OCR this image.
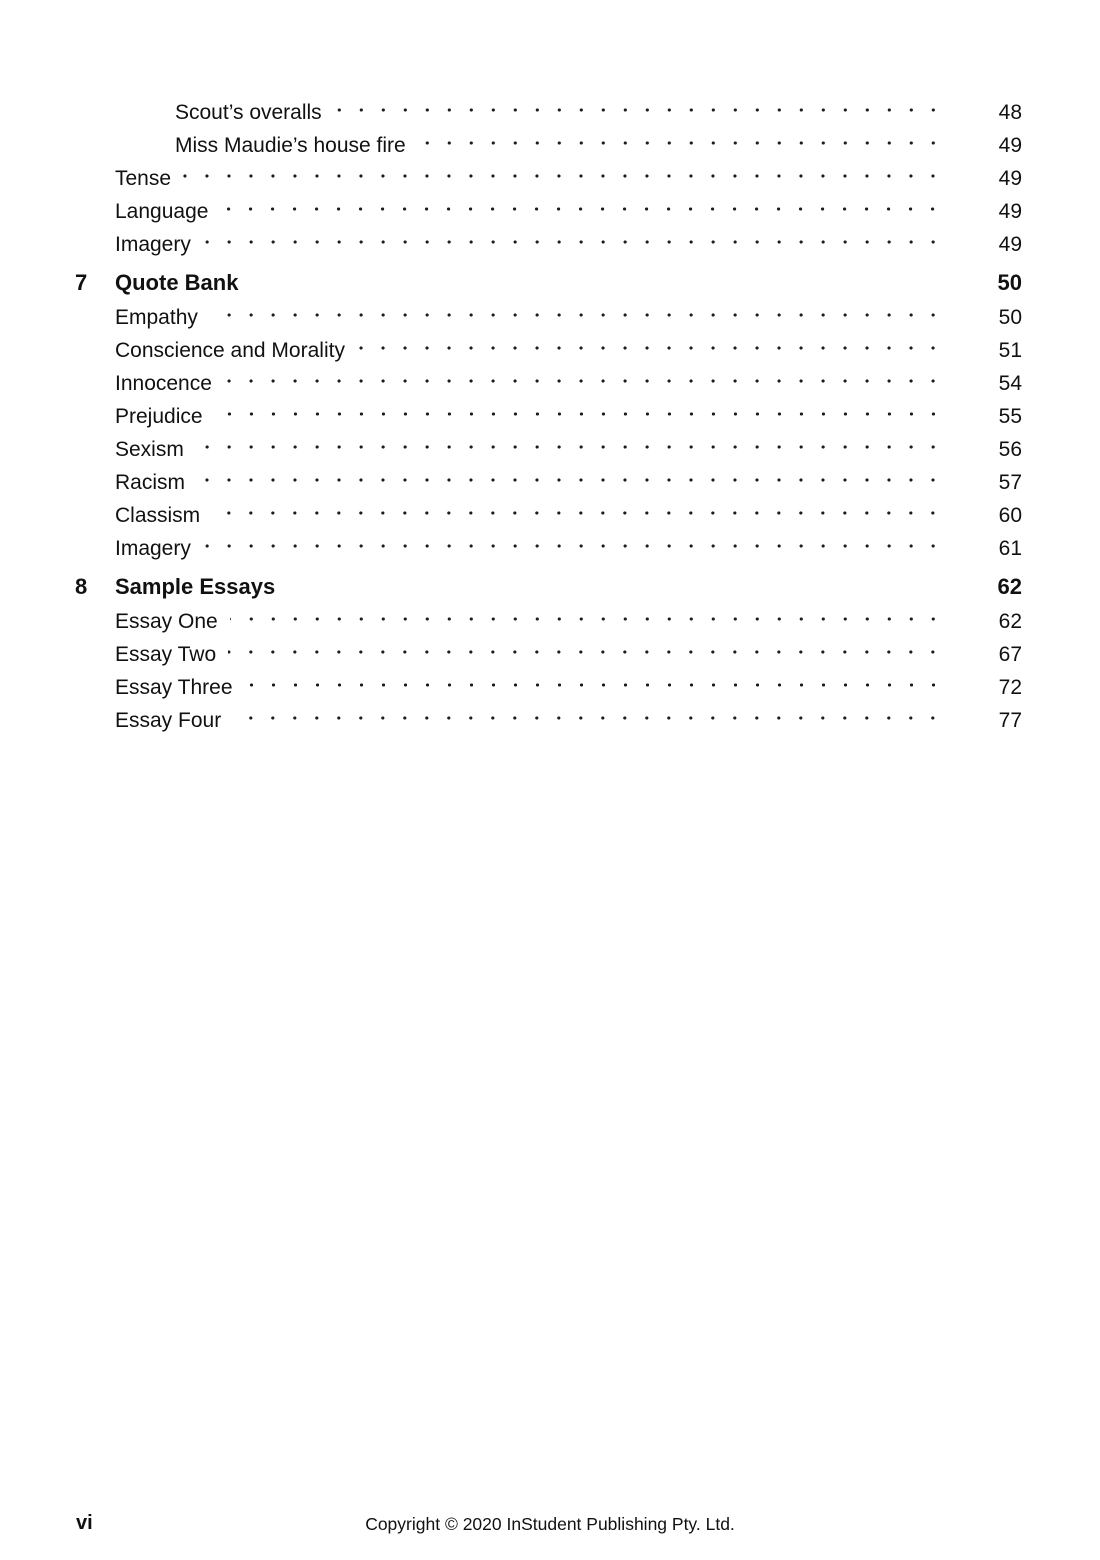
Scout’s overalls	48
Miss Maudie’s house fire	49
Tense	49
Language	49
Imagery	49
7	Quote Bank	50
Empathy	50
Conscience and Morality	51
Innocence	54
Prejudice	55
Sexism	56
Racism	57
Classism	60
Imagery	61
8	Sample Essays	62
Essay One	62
Essay Two	67
Essay Three	72
Essay Four	77
vi	Copyright © 2020 InStudent Publishing Pty. Ltd.
